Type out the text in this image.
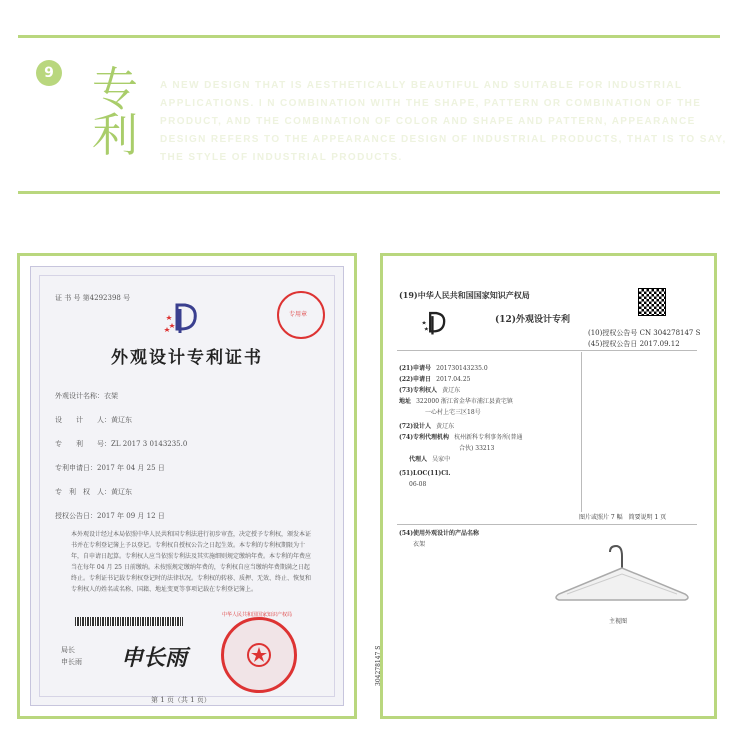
9 专利
A NEW DESIGN THAT IS AESTHETICALLY BEAUTIFUL AND SUITABLE FOR INDUSTRIAL APPLICATIONS. I N COMBINATION WITH THE SHAPE, PATTERN OR COMBINATION OF THE PRODUCT, AND THE COMBINATION OF COLOR AND SHAPE AND PATTERN, APPEARANCE DESIGN REFERS TO THE APPEARANCE DESIGN OF INDUSTRIAL PRODUCTS, THAT IS TO SAY, THE STYLE OF INDUSTRIAL PRODUCTS.
证 书 号 第4292398 号
专用章
外观设计专利证书
外观设计名称：衣架
设　　计　　人：黄辽东
专　　利　　号：ZL 2017 3 0143235.0
专利申请日：2017 年 04 月 25 日
专　利　权　人：黄辽东
授权公告日：2017 年 09 月 12 日
本外观设计经过本局依照中华人民共和国专利法进行初步审查，决定授予专利权，颁发本证书并在专利登记簿上予以登记。专利权自授权公告之日起生效。本专利的专利权期限为十年，自申请日起算。专利权人应当依照专利法及其实施细则规定缴纳年费。本专利的年费应当在每年 04 月 25 日前缴纳。未按照规定缴纳年费的，专利权自应当缴纳年费期满之日起终止。专利证书记载专利权登记时的法律状况。专利权的转移、质押、无效、终止、恢复和专利权人的姓名或名称、国籍、地址变更等事项记载在专利登记簿上。
局长
申长雨 申长雨
中华人民共和国国家知识产权局
第 1 页（共 1 页）
(19)中华人民共和国国家知识产权局
(12)外观设计专利
(10)授权公告号 CN 304278147 S
(45)授权公告日 2017.09.12
(21)申请号 201730143235.0
(22)申请日 2017.04.25
(73)专利权人 黄辽东
地址 322000 浙江省金华市浦江县黄宅镇
一心村上宅三区18号
(72)设计人 黄辽东
(74)专利代理机构 杭州新科专利事务所(普通
合伙) 33213
代理人 吴家中
(51)LOC(11)Cl.
06-08
图片或照片 7 幅　简要说明 1 页
(54)使用外观设计的产品名称
衣架
主视图
304278147 S
